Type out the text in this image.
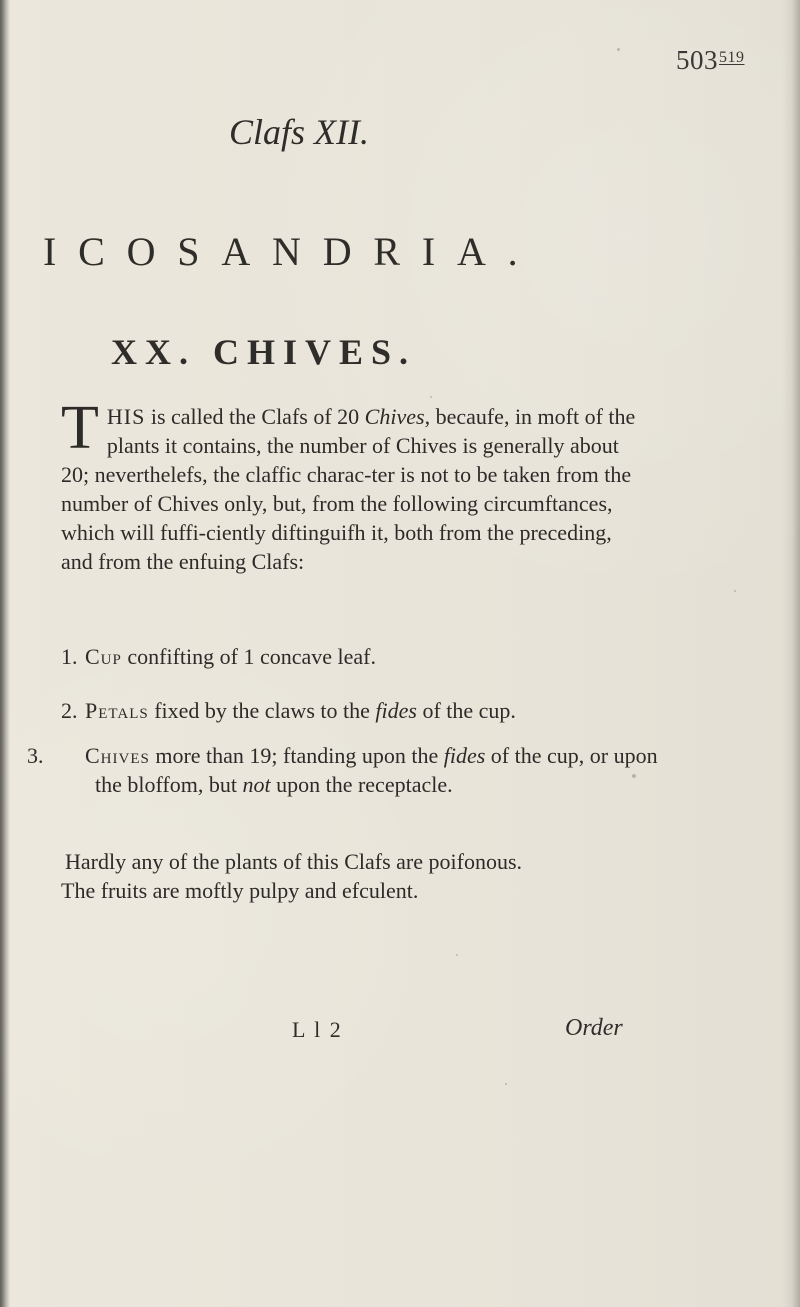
$503^{519}$
Clafs XII.
ICOSANDRIA.
XX. CHIVES.
THIS is called the Clafs of 20 Chives, becaufe, in moft of the plants it contains, the number of Chives is generally about 20; neverthelefs, the claffic charac-ter is not to be taken from the number of Chives only, but, from the following circumftances, which will fuffi-ciently diftinguifh it, both from the preceding, and from the enfuing Clafs:
1. Cup confifting of 1 concave leaf.
2. Petals fixed by the claws to the fides of the cup.
3. Chives more than 19; ftanding upon the fides of the cup, or upon the bloffom, but not upon the receptacle.

Hardly any of the plants of this Clafs are poifonous.

The fruits are moftly pulpy and efculent.

L l 2	Order
